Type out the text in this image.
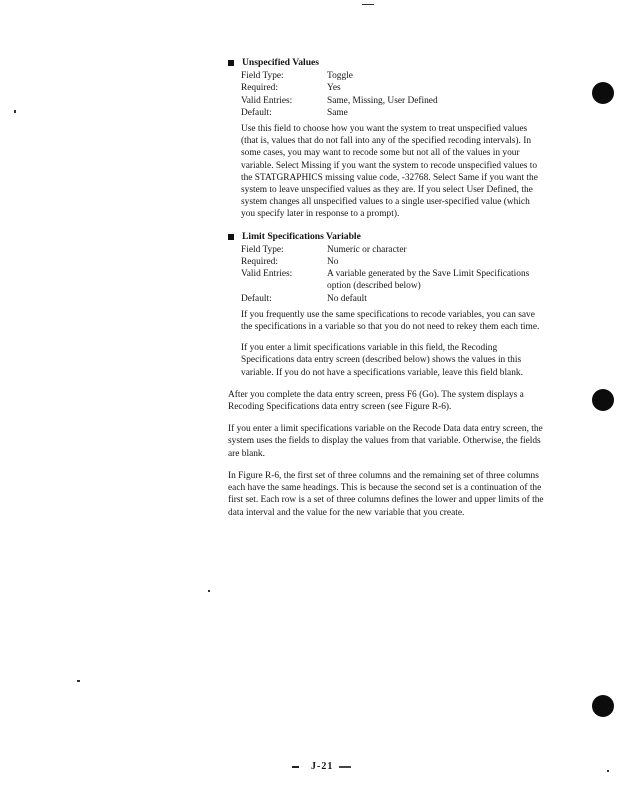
Unspecified Values
Field Type:	Toggle
Required:	Yes
Valid Entries:	Same, Missing, User Defined
Default:	Same

Use this field to choose how you want the system to treat unspecified values (that is, values that do not fall into any of the specified recoding intervals). In some cases, you may want to recode some but not all of the values in your variable. Select Missing if you want the system to recode unspecified values to the STATGRAPHICS missing value code, -32768. Select Same if you want the system to leave unspecified values as they are. If you select User Defined, the system changes all unspecified values to a single user-specified value (which you specify later in response to a prompt).

Limit Specifications Variable
Field Type:	Numeric or character
Required:	No
Valid Entries:	A variable generated by the Save Limit Specifications option (described below)
Default:	No default

If you frequently use the same specifications to recode variables, you can save the specifications in a variable so that you do not need to rekey them each time.

If you enter a limit specifications variable in this field, the Recoding Specifications data entry screen (described below) shows the values in this variable. If you do not have a specifications variable, leave this field blank.

After you complete the data entry screen, press F6 (Go). The system displays a Recoding Specifications data entry screen (see Figure R-6).

If you enter a limit specifications variable on the Recode Data data entry screen, the system uses the fields to display the values from that variable. Otherwise, the fields are blank.

In Figure R-6, the first set of three columns and the remaining set of three columns each have the same headings. This is because the second set is a continuation of the first set. Each row is a set of three columns defines the lower and upper limits of the data interval and the value for the new variable that you create.

J-21
